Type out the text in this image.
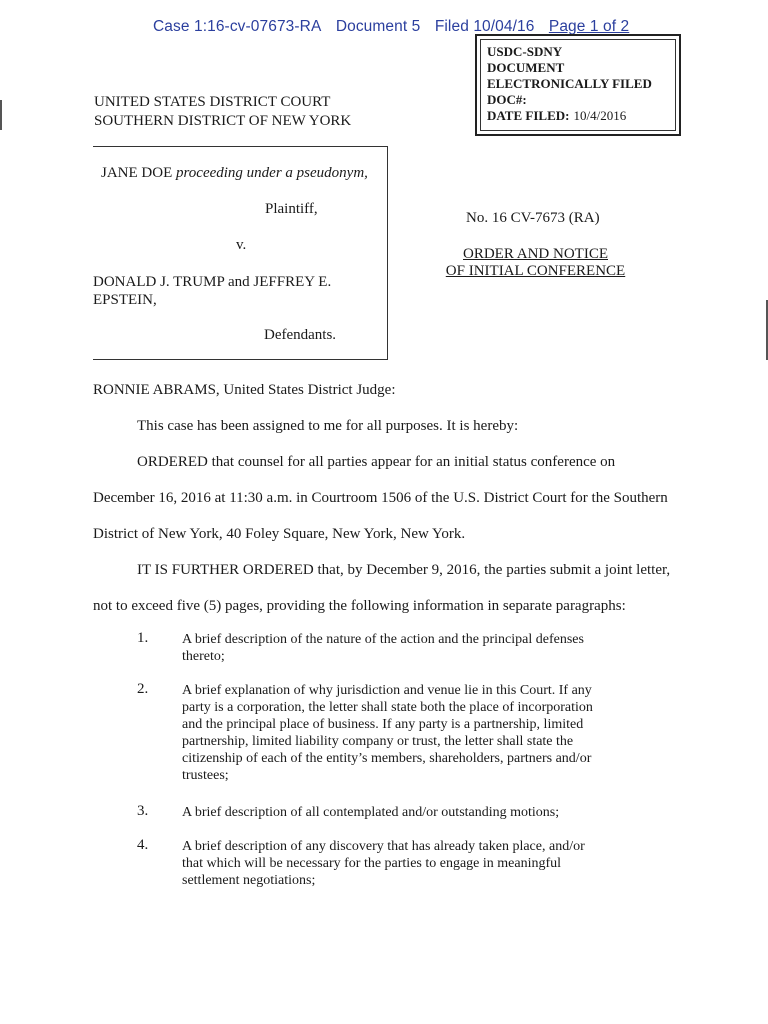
Case 1:16-cv-07673-RA Document 5 Filed 10/04/16 Page 1 of 2
USDC-SDNY
DOCUMENT
ELECTRONICALLY FILED
DOC#:
DATE FILED: 10/4/2016
UNITED STATES DISTRICT COURT
SOUTHERN DISTRICT OF NEW YORK
JANE DOE proceeding under a pseudonym,
Plaintiff,
v.
DONALD J. TRUMP and JEFFREY E.
EPSTEIN,
Defendants.
No. 16 CV-7673 (RA)
ORDER AND NOTICE
OF INITIAL CONFERENCE
RONNIE ABRAMS, United States District Judge:
This case has been assigned to me for all purposes. It is hereby:
ORDERED that counsel for all parties appear for an initial status conference on
December 16, 2016 at 11:30 a.m. in Courtroom 1506 of the U.S. District Court for the Southern
District of New York, 40 Foley Square, New York, New York.
IT IS FURTHER ORDERED that, by December 9, 2016, the parties submit a joint letter,
not to exceed five (5) pages, providing the following information in separate paragraphs:
1. A brief description of the nature of the action and the principal defenses
thereto;
2. A brief explanation of why jurisdiction and venue lie in this Court. If any
party is a corporation, the letter shall state both the place of incorporation
and the principal place of business. If any party is a partnership, limited
partnership, limited liability company or trust, the letter shall state the
citizenship of each of the entity’s members, shareholders, partners and/or
trustees;
3. A brief description of all contemplated and/or outstanding motions;
4. A brief description of any discovery that has already taken place, and/or
that which will be necessary for the parties to engage in meaningful
settlement negotiations;
